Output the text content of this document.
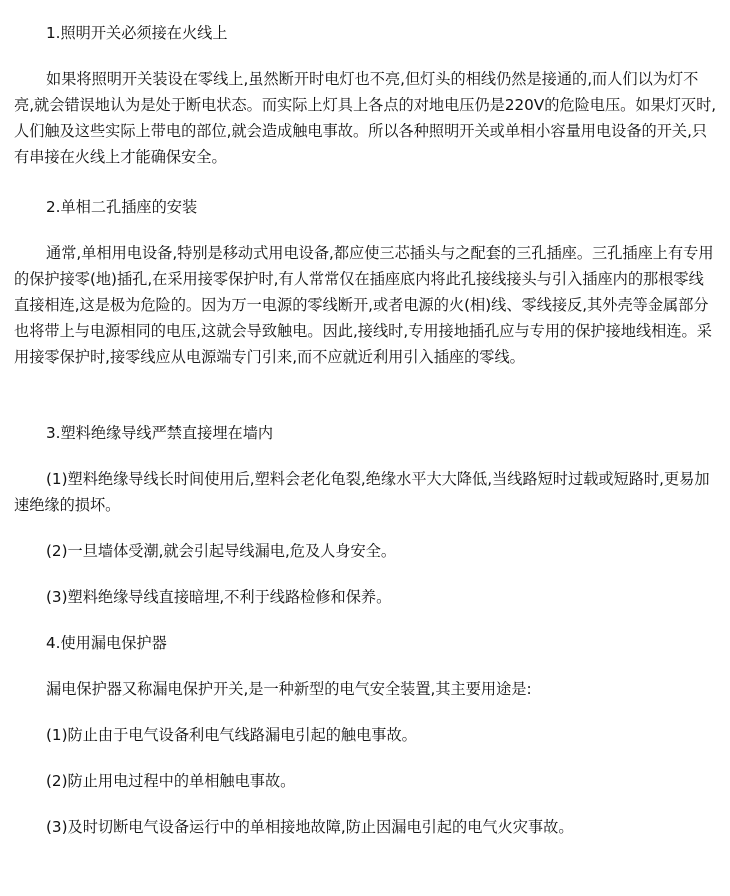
1.照明开关必须接在火线上

如果将照明开关装设在零线上,虽然断开时电灯也不亮,但灯头的相线仍然是接通的,而人们以为灯不亮,就会错误地认为是处于断电状态。而实际上灯具上各点的对地电压仍是220V的危险电压。如果灯灭时,人们触及这些实际上带电的部位,就会造成触电事故。所以各种照明开关或单相小容量用电设备的开关,只有串接在火线上才能确保安全。

2.单相二孔插座的安装

通常,单相用电设备,特别是移动式用电设备,都应使三芯插头与之配套的三孔插座。三孔插座上有专用的保护接零(地)插孔,在采用接零保护时,有人常常仅在插座底内将此孔接线接头与引入插座内的那根零线直接相连,这是极为危险的。因为万一电源的零线断开,或者电源的火(相)线、零线接反,其外壳等金属部分也将带上与电源相同的电压,这就会导致触电。因此,接线时,专用接地插孔应与专用的保护接地线相连。采用接零保护时,接零线应从电源端专门引来,而不应就近利用引入插座的零线。

3.塑料绝缘导线严禁直接埋在墙内

(1)塑料绝缘导线长时间使用后,塑料会老化龟裂,绝缘水平大大降低,当线路短时过载或短路时,更易加速绝缘的损坏。

(2)一旦墙体受潮,就会引起导线漏电,危及人身安全。

(3)塑料绝缘导线直接暗埋,不利于线路检修和保养。

4.使用漏电保护器

漏电保护器又称漏电保护开关,是一种新型的电气安全装置,其主要用途是:

(1)防止由于电气设备利电气线路漏电引起的触电事故。

(2)防止用电过程中的单相触电事故。

(3)及时切断电气设备运行中的单相接地故障,防止因漏电引起的电气火灾事故。
